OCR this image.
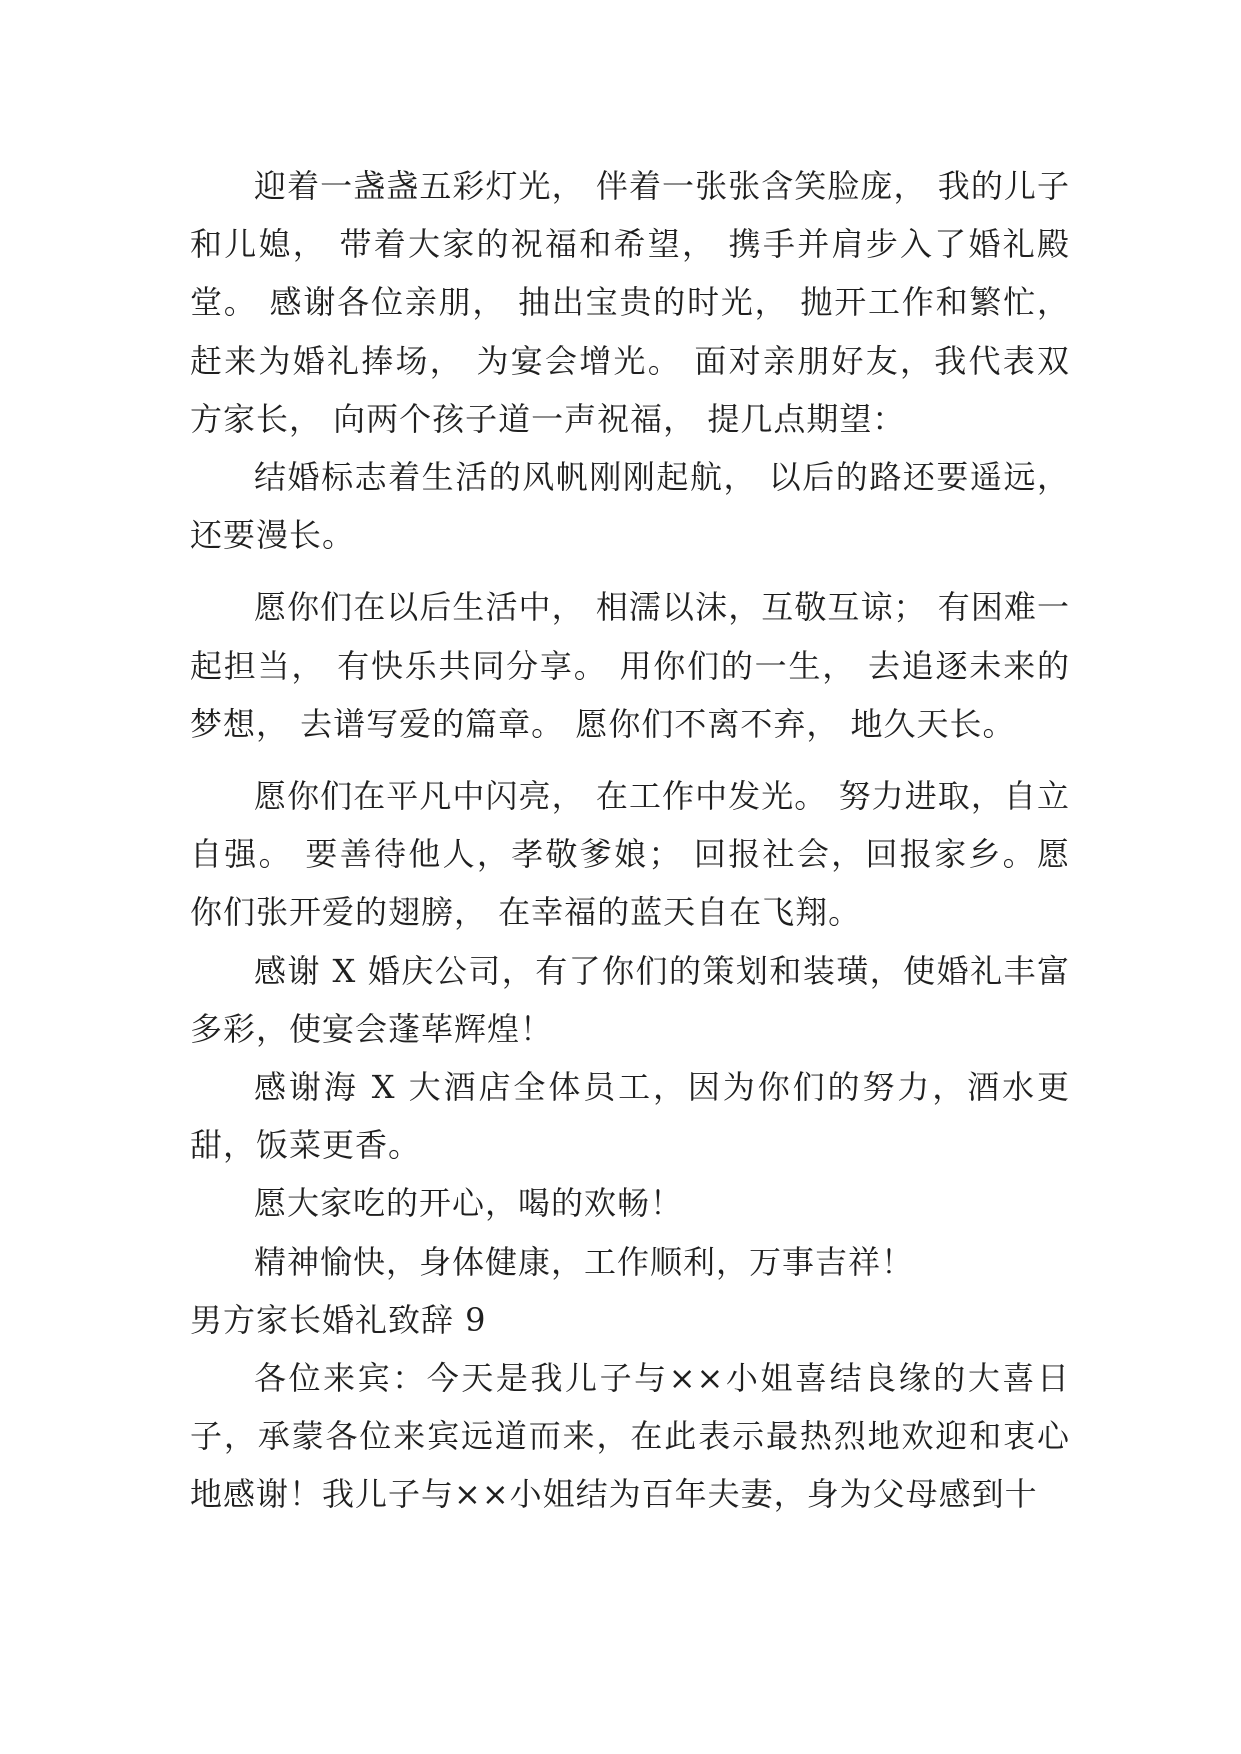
迎着一盏盏五彩灯光， 伴着一张张含笑脸庞， 我的儿子和儿媳， 带着大家的祝福和希望， 携手并肩步入了婚礼殿堂。 感谢各位亲朋， 抽出宝贵的时光， 抛开工作和繁忙， 赶来为婚礼捧场， 为宴会增光。 面对亲朋好友，我代表双方家长， 向两个孩子道一声祝福， 提几点期望：

结婚标志着生活的风帆刚刚起航， 以后的路还要遥远，还要漫长。

愿你们在以后生活中， 相濡以沫，互敬互谅； 有困难一起担当， 有快乐共同分享。 用你们的一生， 去追逐未来的梦想， 去谱写爱的篇章。 愿你们不离不弃， 地久天长。

愿你们在平凡中闪亮， 在工作中发光。 努力进取，自立自强。 要善待他人，孝敬爹娘； 回报社会，回报家乡。愿你们张开爱的翅膀， 在幸福的蓝天自在飞翔。

感谢 X 婚庆公司，有了你们的策划和装璜，使婚礼丰富多彩，使宴会蓬荜辉煌！

感谢海 X 大酒店全体员工，因为你们的努力，酒水更甜，饭菜更香。

愿大家吃的开心，喝的欢畅！

精神愉快，身体健康，工作顺利，万事吉祥！

男方家长婚礼致辞 9

各位来宾：今天是我儿子与××小姐喜结良缘的大喜日子，承蒙各位来宾远道而来，在此表示最热烈地欢迎和衷心地感谢！我儿子与××小姐结为百年夫妻，身为父母感到十
